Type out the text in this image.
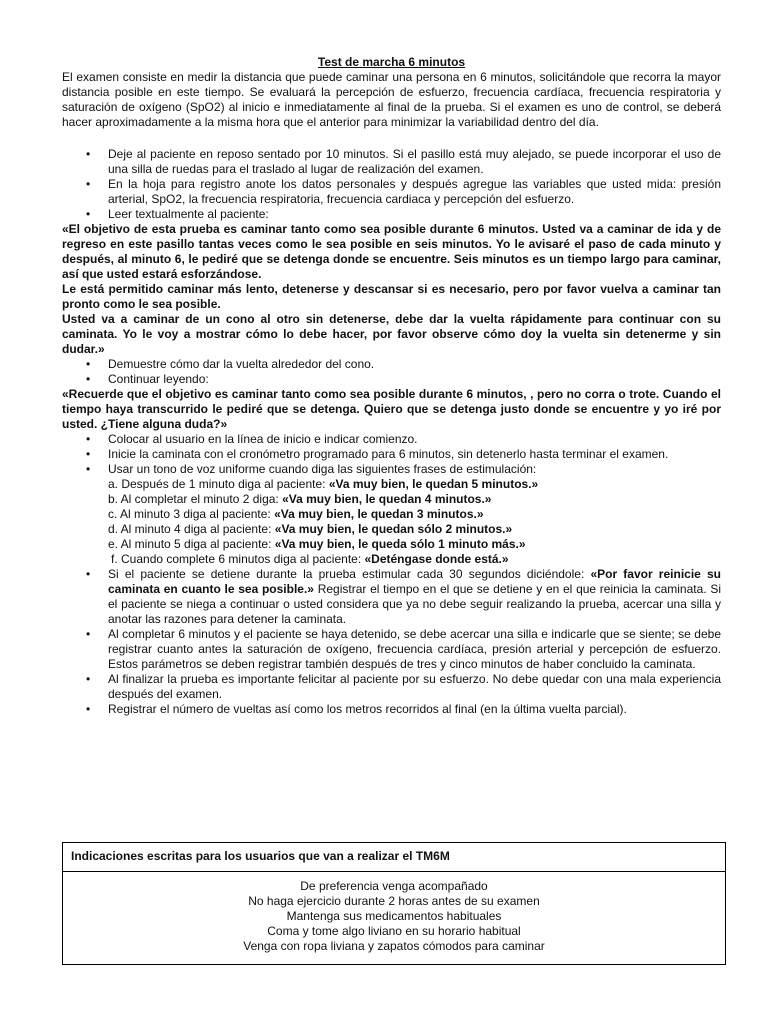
Test de marcha 6 minutos

El examen consiste en medir la distancia que puede caminar una persona en 6 minutos, solicitándole que recorra la mayor distancia posible en este tiempo. Se evaluará la percepción de esfuerzo, frecuencia cardíaca, frecuencia respiratoria y saturación de oxígeno (SpO2) al inicio e inmediatamente al final de la prueba. Si el examen es uno de control, se deberá hacer aproximadamente a la misma hora que el anterior para minimizar la variabilidad dentro del día.

• Deje al paciente en reposo sentado por 10 minutos. Si el pasillo está muy alejado, se puede incorporar el uso de una silla de ruedas para el traslado al lugar de realización del examen.
• En la hoja para registro anote los datos personales y después agregue las variables que usted mida: presión arterial, SpO2, la frecuencia respiratoria, frecuencia cardiaca y percepción del esfuerzo.
• Leer textualmente al paciente:

«El objetivo de esta prueba es caminar tanto como sea posible durante 6 minutos. Usted va a caminar de ida y de regreso en este pasillo tantas veces como le sea posible en seis minutos. Yo le avisaré el paso de cada minuto y después, al minuto 6, le pediré que se detenga donde se encuentre. Seis minutos es un tiempo largo para caminar, así que usted estará esforzándose.

Le está permitido caminar más lento, detenerse y descansar si es necesario, pero por favor vuelva a caminar tan pronto como le sea posible.

Usted va a caminar de un cono al otro sin detenerse, debe dar la vuelta rápidamente para continuar con su caminata. Yo le voy a mostrar cómo lo debe hacer, por favor observe cómo doy la vuelta sin detenerme y sin dudar.»

• Demuestre cómo dar la vuelta alrededor del cono.
• Continuar leyendo:

«Recuerde que el objetivo es caminar tanto como sea posible durante 6 minutos, , pero no corra o trote. Cuando el tiempo haya transcurrido le pediré que se detenga. Quiero que se detenga justo donde se encuentre y yo iré por usted. ¿Tiene alguna duda?»

• Colocar al usuario en la línea de inicio e indicar comienzo.
• Inicie la caminata con el cronómetro programado para 6 minutos, sin detenerlo hasta terminar el examen.
• Usar un tono de voz uniforme cuando diga las siguientes frases de estimulación:
a. Después de 1 minuto diga al paciente: «Va muy bien, le quedan 5 minutos.»
b. Al completar el minuto 2 diga: «Va muy bien, le quedan 4 minutos.»
c. Al minuto 3 diga al paciente: «Va muy bien, le quedan 3 minutos.»
d. Al minuto 4 diga al paciente: «Va muy bien, le quedan sólo 2 minutos.»
e. Al minuto 5 diga al paciente: «Va muy bien, le queda sólo 1 minuto más.»
f. Cuando complete 6 minutos diga al paciente: «Deténgase donde está.»
• Si el paciente se detiene durante la prueba estimular cada 30 segundos diciéndole: «Por favor reinicie su caminata en cuanto le sea posible.» Registrar el tiempo en el que se detiene y en el que reinicia la caminata. Si el paciente se niega a continuar o usted considera que ya no debe seguir realizando la prueba, acercar una silla y anotar las razones para detener la caminata.
• Al completar 6 minutos y el paciente se haya detenido, se debe acercar una silla e indicarle que se siente; se debe registrar cuanto antes la saturación de oxígeno, frecuencia cardíaca, presión arterial y percepción de esfuerzo. Estos parámetros se deben registrar también después de tres y cinco minutos de haber concluido la caminata.
• Al finalizar la prueba es importante felicitar al paciente por su esfuerzo. No debe quedar con una mala experiencia después del examen.
• Registrar el número de vueltas así como los metros recorridos al final (en la última vuelta parcial).
Indicaciones escritas para los usuarios que van a realizar el TM6M
De preferencia venga acompañado
No haga ejercicio durante 2 horas antes de su examen
Mantenga sus medicamentos habituales
Coma y tome algo liviano en su horario habitual
Venga con ropa liviana y zapatos cómodos para caminar
